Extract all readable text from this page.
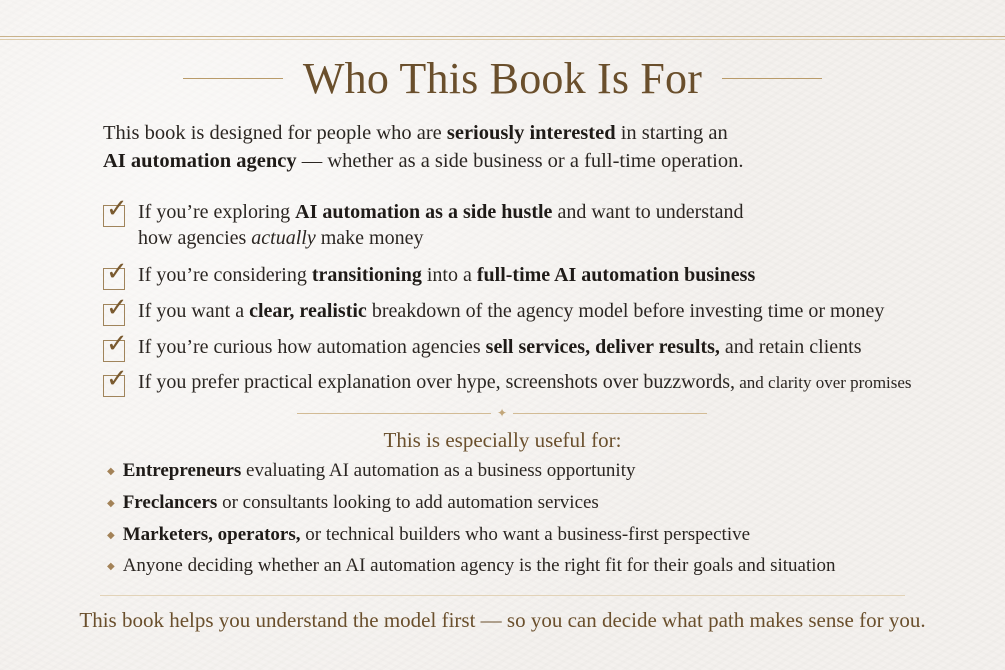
Who This Book Is For
This book is designed for people who are seriously interested in starting an
AI automation agency — whether as a side business or a full-time operation.
✓ If you’re exploring AI automation as a side hustle and want to understand
how agencies actually make money
✓ If you’re considering transitioning into a full-time AI automation business
✓ If you want a clear, realistic breakdown of the agency model before investing time or money
✓ If you’re curious how automation agencies sell services, deliver results, and retain clients
✓ If you prefer practical explanation over hype, screenshots over buzzwords, and clarity over promises
✦
This is especially useful for:
◆ Entrepreneurs evaluating AI automation as a business opportunity
◆ Freclancers or consultants looking to add automation services
◆ Marketers, operators, or technical builders who want a business-first perspective
◆ Anyone deciding whether an AI automation agency is the right fit for their goals and situation
This book helps you understand the model first — so you can decide what path makes sense for you.
